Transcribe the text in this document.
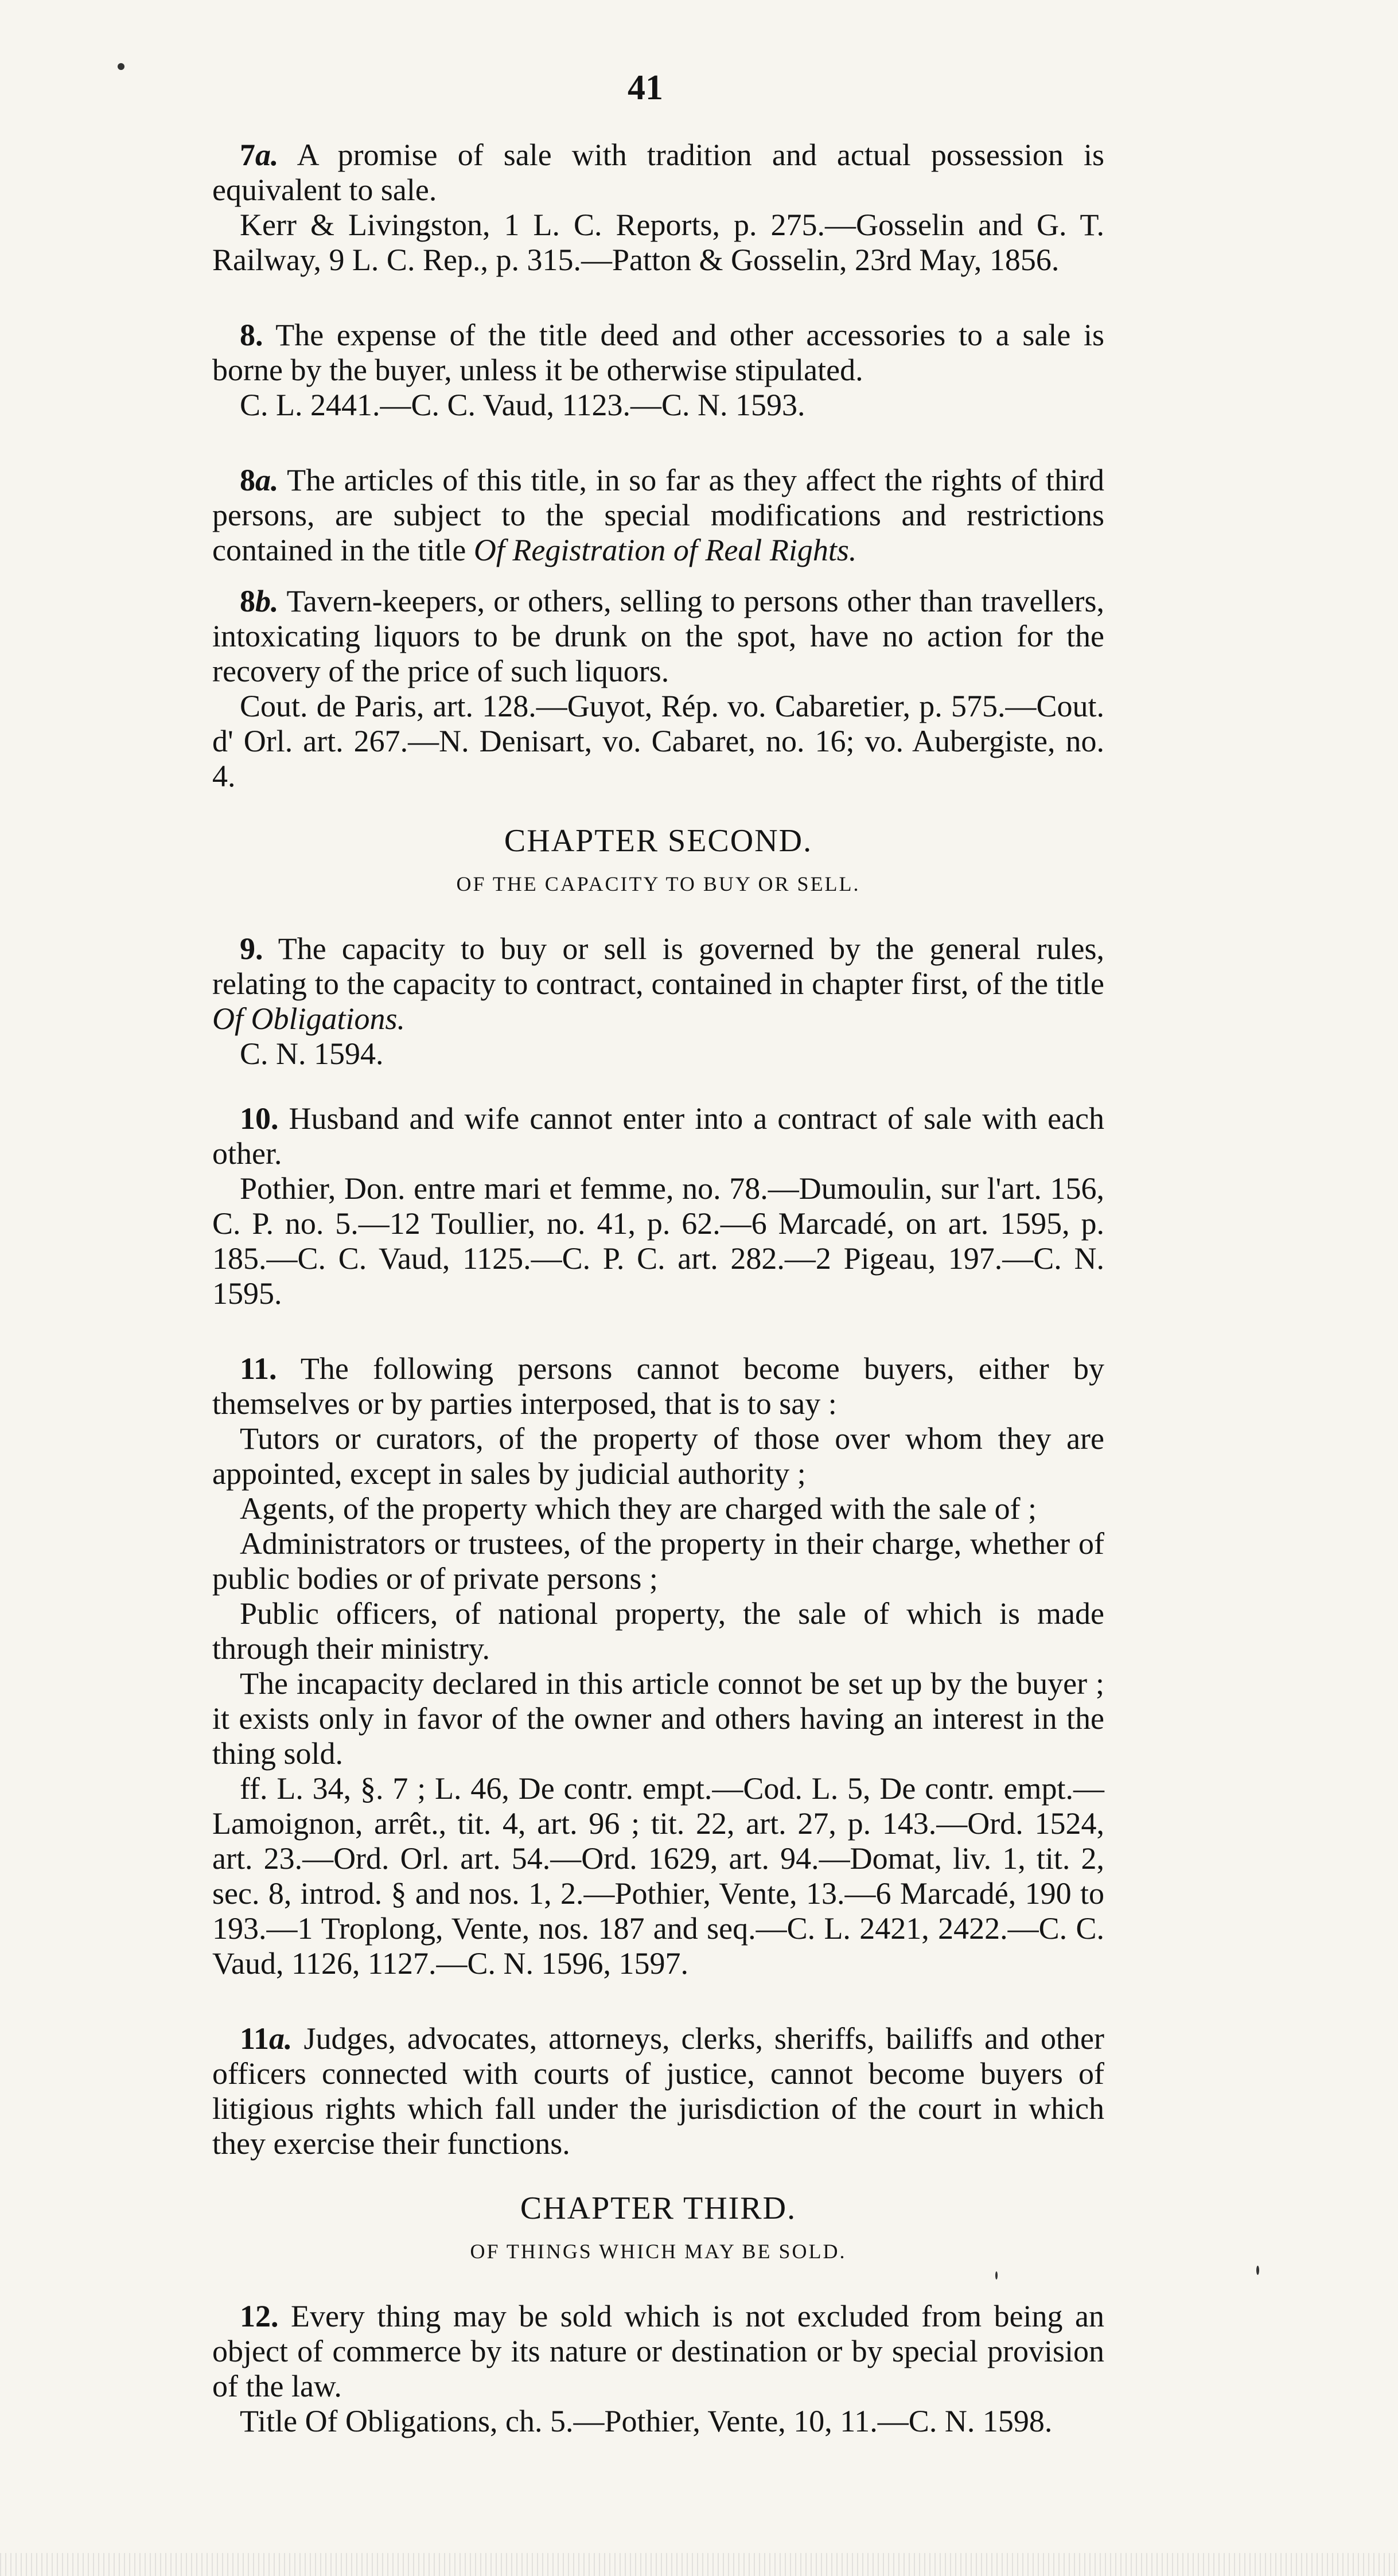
41

7a. A promise of sale with tradition and actual possession is equivalent to sale.

Kerr & Livingston, 1 L. C. Reports, p. 275.—Gosselin and G. T. Railway, 9 L. C. Rep., p. 315.—Patton & Gosselin, 23rd May, 1856.

8. The expense of the title deed and other accessories to a sale is borne by the buyer, unless it be otherwise stipulated.

C. L. 2441.—C. C. Vaud, 1123.—C. N. 1593.

8a. The articles of this title, in so far as they affect the rights of third persons, are subject to the special modifications and restrictions contained in the title Of Registration of Real Rights.

8b. Tavern-keepers, or others, selling to persons other than travellers, intoxicating liquors to be drunk on the spot, have no action for the recovery of the price of such liquors.

Cout. de Paris, art. 128.—Guyot, Rép. vo. Cabaretier, p. 575.—Cout. d' Orl. art. 267.—N. Denisart, vo. Cabaret, no. 16; vo. Aubergiste, no. 4.

CHAPTER SECOND.

OF THE CAPACITY TO BUY OR SELL.

9. The capacity to buy or sell is governed by the general rules, relating to the capacity to contract, contained in chapter first, of the title Of Obligations.

C. N. 1594.

10. Husband and wife cannot enter into a contract of sale with each other.

Pothier, Don. entre mari et femme, no. 78.—Dumoulin, sur l'art. 156, C. P. no. 5.—12 Toullier, no. 41, p. 62.—6 Marcadé, on art. 1595, p. 185.—C. C. Vaud, 1125.—C. P. C. art. 282.—2 Pigeau, 197.—C. N. 1595.

11. The following persons cannot become buyers, either by themselves or by parties interposed, that is to say :

Tutors or curators, of the property of those over whom they are appointed, except in sales by judicial authority ;

Agents, of the property which they are charged with the sale of ;

Administrators or trustees, of the property in their charge, whether of public bodies or of private persons ;

Public officers, of national property, the sale of which is made through their ministry.

The incapacity declared in this article connot be set up by the buyer ; it exists only in favor of the owner and others having an interest in the thing sold.

ff. L. 34, §. 7 ; L. 46, De contr. empt.—Cod. L. 5, De contr. empt.—Lamoignon, arrêt., tit. 4, art. 96 ; tit. 22, art. 27, p. 143.—Ord. 1524, art. 23.—Ord. Orl. art. 54.—Ord. 1629, art. 94.—Domat, liv. 1, tit. 2, sec. 8, introd. § and nos. 1, 2.—Pothier, Vente, 13.—6 Marcadé, 190 to 193.—1 Troplong, Vente, nos. 187 and seq.—C. L. 2421, 2422.—C. C. Vaud, 1126, 1127.—C. N. 1596, 1597.

11a. Judges, advocates, attorneys, clerks, sheriffs, bailiffs and other officers connected with courts of justice, cannot become buyers of litigious rights which fall under the jurisdiction of the court in which they exercise their functions.

CHAPTER THIRD.

OF THINGS WHICH MAY BE SOLD.

12. Every thing may be sold which is not excluded from being an object of commerce by its nature or destination or by special provision of the law.

Title Of Obligations, ch. 5.—Pothier, Vente, 10, 11.—C. N. 1598.
